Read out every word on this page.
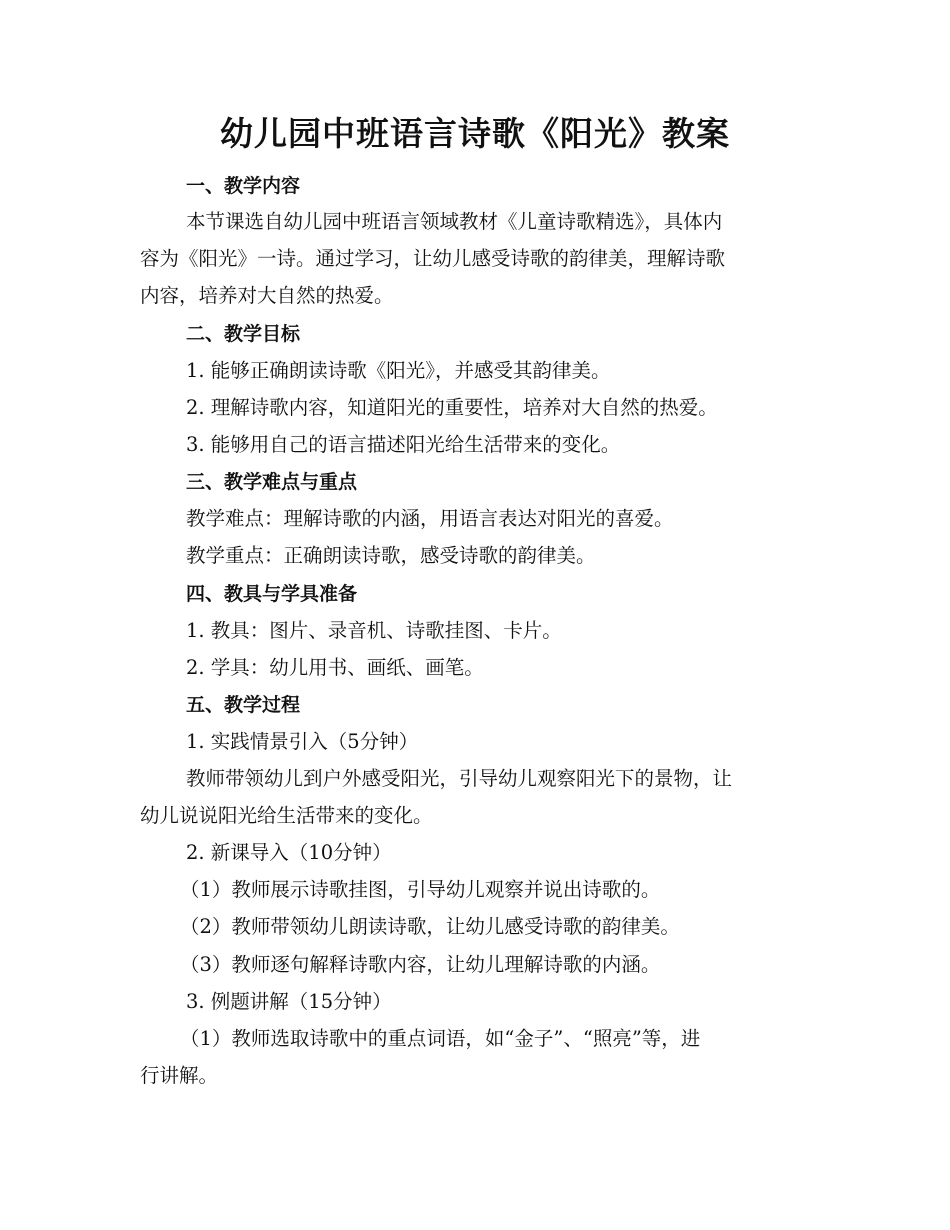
幼儿园中班语言诗歌《阳光》教案
一、教学内容
本节课选自幼儿园中班语言领域教材《儿童诗歌精选》，具体内
容为《阳光》一诗。通过学习，让幼儿感受诗歌的韵律美，理解诗歌
内容，培养对大自然的热爱。
二、教学目标
1. 能够正确朗读诗歌《阳光》，并感受其韵律美。
2. 理解诗歌内容，知道阳光的重要性，培养对大自然的热爱。
3. 能够用自己的语言描述阳光给生活带来的变化。
三、教学难点与重点
教学难点：理解诗歌的内涵，用语言表达对阳光的喜爱。
教学重点：正确朗读诗歌，感受诗歌的韵律美。
四、教具与学具准备
1. 教具：图片、录音机、诗歌挂图、卡片。
2. 学具：幼儿用书、画纸、画笔。
五、教学过程
1. 实践情景引入（5分钟）
教师带领幼儿到户外感受阳光，引导幼儿观察阳光下的景物，让
幼儿说说阳光给生活带来的变化。
2. 新课导入（10分钟）
（1）教师展示诗歌挂图，引导幼儿观察并说出诗歌的。
（2）教师带领幼儿朗读诗歌，让幼儿感受诗歌的韵律美。
（3）教师逐句解释诗歌内容，让幼儿理解诗歌的内涵。
3. 例题讲解（15分钟）
（1）教师选取诗歌中的重点词语，如“金子”、“照亮”等，进
行讲解。
